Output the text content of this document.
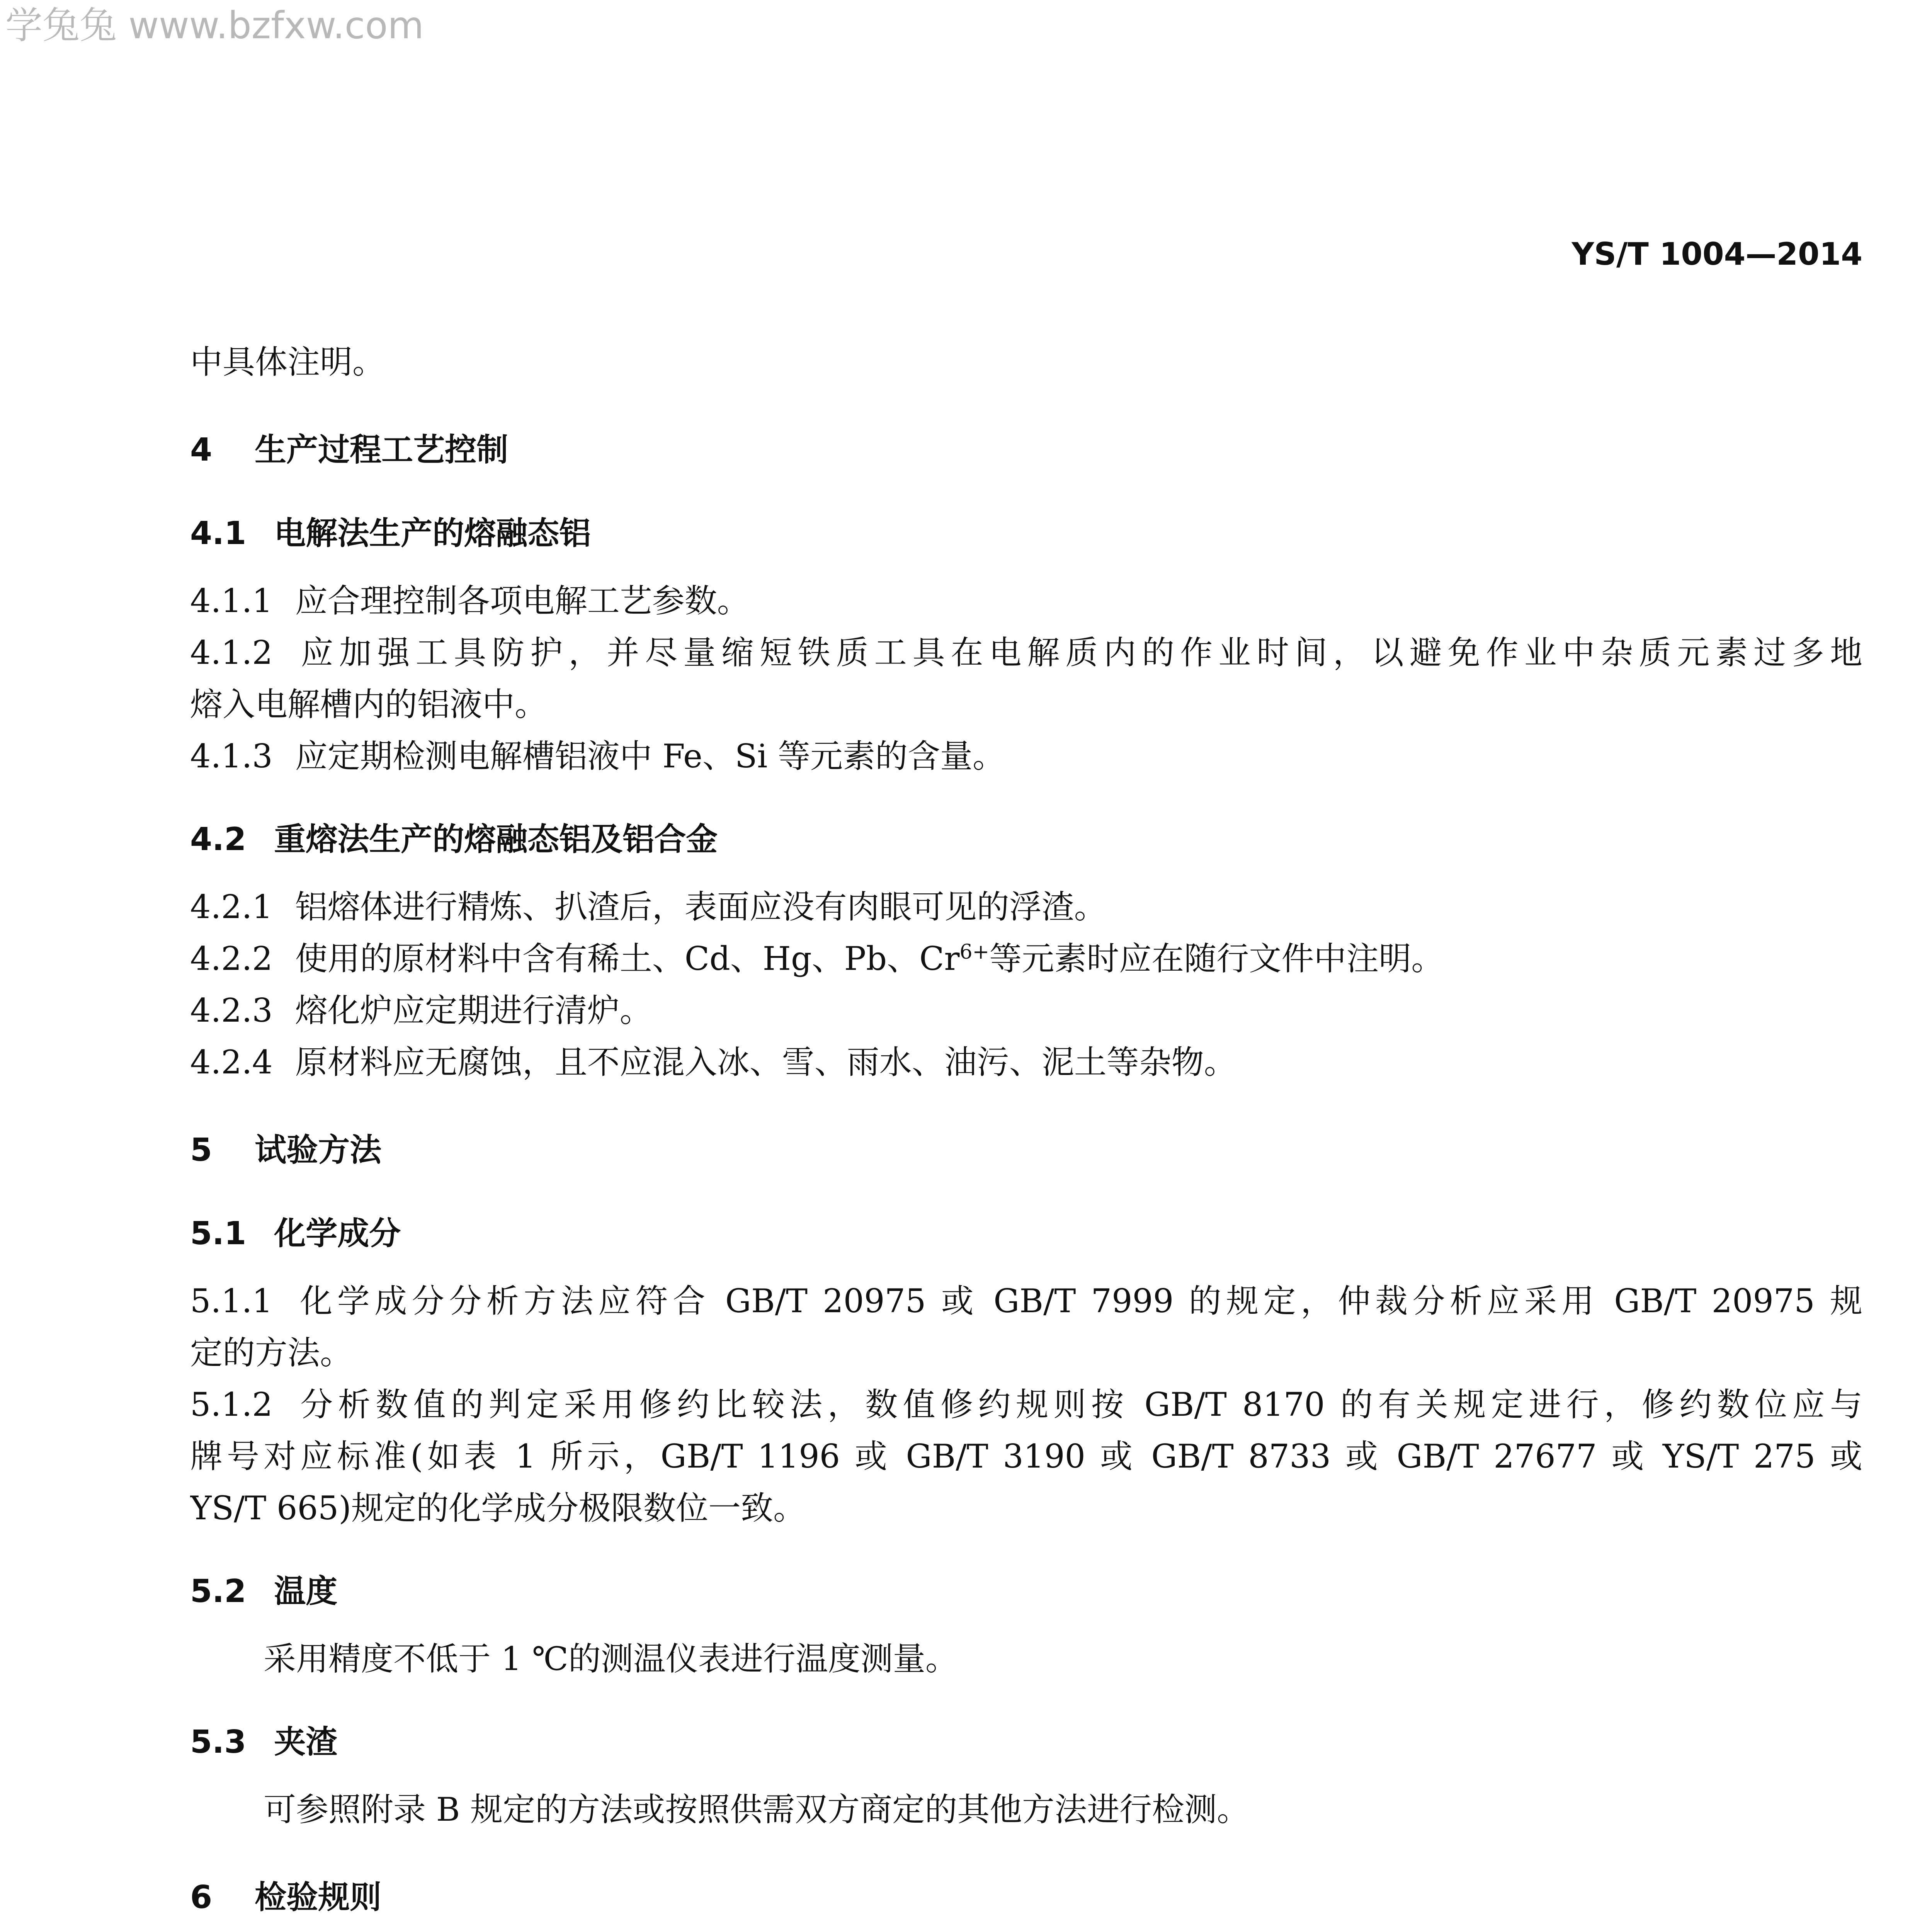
学兔兔 www.bzfxw.com
YS/T 1004—2014
中具体注明。
4 生产过程工艺控制
4.1 电解法生产的熔融态铝
4.1.1 应合理控制各项电解工艺参数。
4.1.2 应加强工具防护，并尽量缩短铁质工具在电解质内的作业时间，以避免作业中杂质元素过多地
熔入电解槽内的铝液中。
4.1.3 应定期检测电解槽铝液中 Fe、Si 等元素的含量。
4.2 重熔法生产的熔融态铝及铝合金
4.2.1 铝熔体进行精炼、扒渣后，表面应没有肉眼可见的浮渣。
4.2.2 使用的原材料中含有稀土、Cd、Hg、Pb、$Cr^{6+}$等元素时应在随行文件中注明。
4.2.3 熔化炉应定期进行清炉。
4.2.4 原材料应无腐蚀，且不应混入冰、雪、雨水、油污、泥土等杂物。
5 试验方法
5.1 化学成分
5.1.1 化学成分分析方法应符合 GB/T 20975 或 GB/T 7999 的规定，仲裁分析应采用 GB/T 20975 规
定的方法。
5.1.2 分析数值的判定采用修约比较法，数值修约规则按 GB/T 8170 的有关规定进行，修约数位应与
牌号对应标准(如表 1 所示，GB/T 1196 或 GB/T 3190 或 GB/T 8733 或 GB/T 27677 或 YS/T 275 或
YS/T 665)规定的化学成分极限数位一致。
5.2 温度
采用精度不低于 1 ℃的测温仪表进行温度测量。
5.3 夹渣
可参照附录 B 规定的方法或按照供需双方商定的其他方法进行检测。
6 检验规则
